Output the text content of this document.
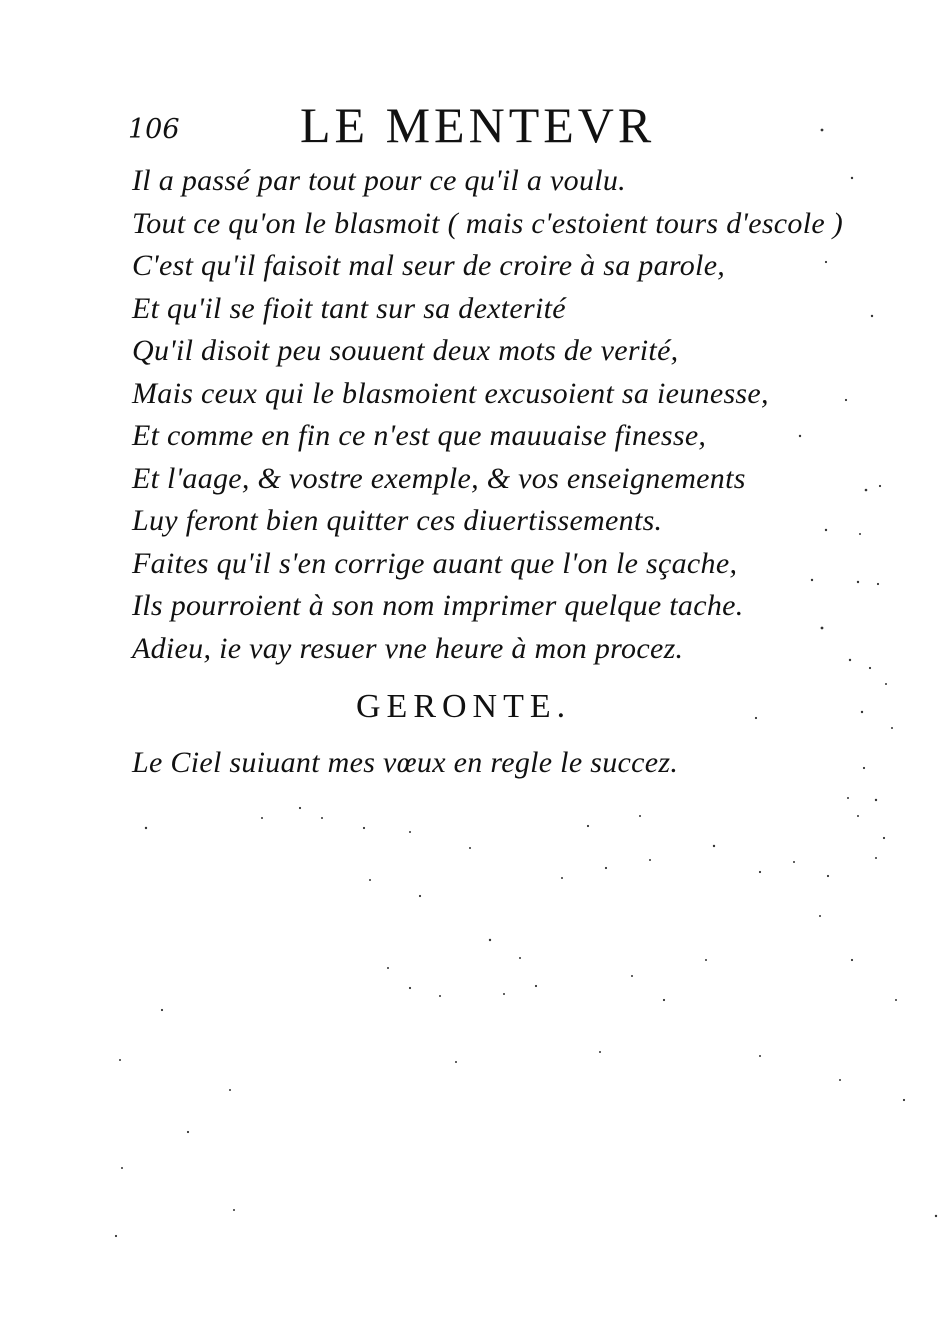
106 LE MENTEVR
Il a passé par tout pour ce qu'il a voulu.
Tout ce qu'on le blasmoit ( mais c'estoient tours d'escole )
C'est qu'il faisoit mal seur de croire à sa parole,
Et qu'il se fioit tant sur sa dexterité
Qu'il disoit peu souuent deux mots de verité,
Mais ceux qui le blasmoient excusoient sa ieunesse,
Et comme en fin ce n'est que mauuaise finesse,
Et l'aage, & vostre exemple, & vos enseignements
Luy feront bien quitter ces diuertissements.
Faites qu'il s'en corrige auant que l'on le sçache,
Ils pourroient à son nom imprimer quelque tache.
Adieu, ie vay resuer vne heure à mon procez.
GERONTE.
Le Ciel suiuant mes vœux en regle le succez.
